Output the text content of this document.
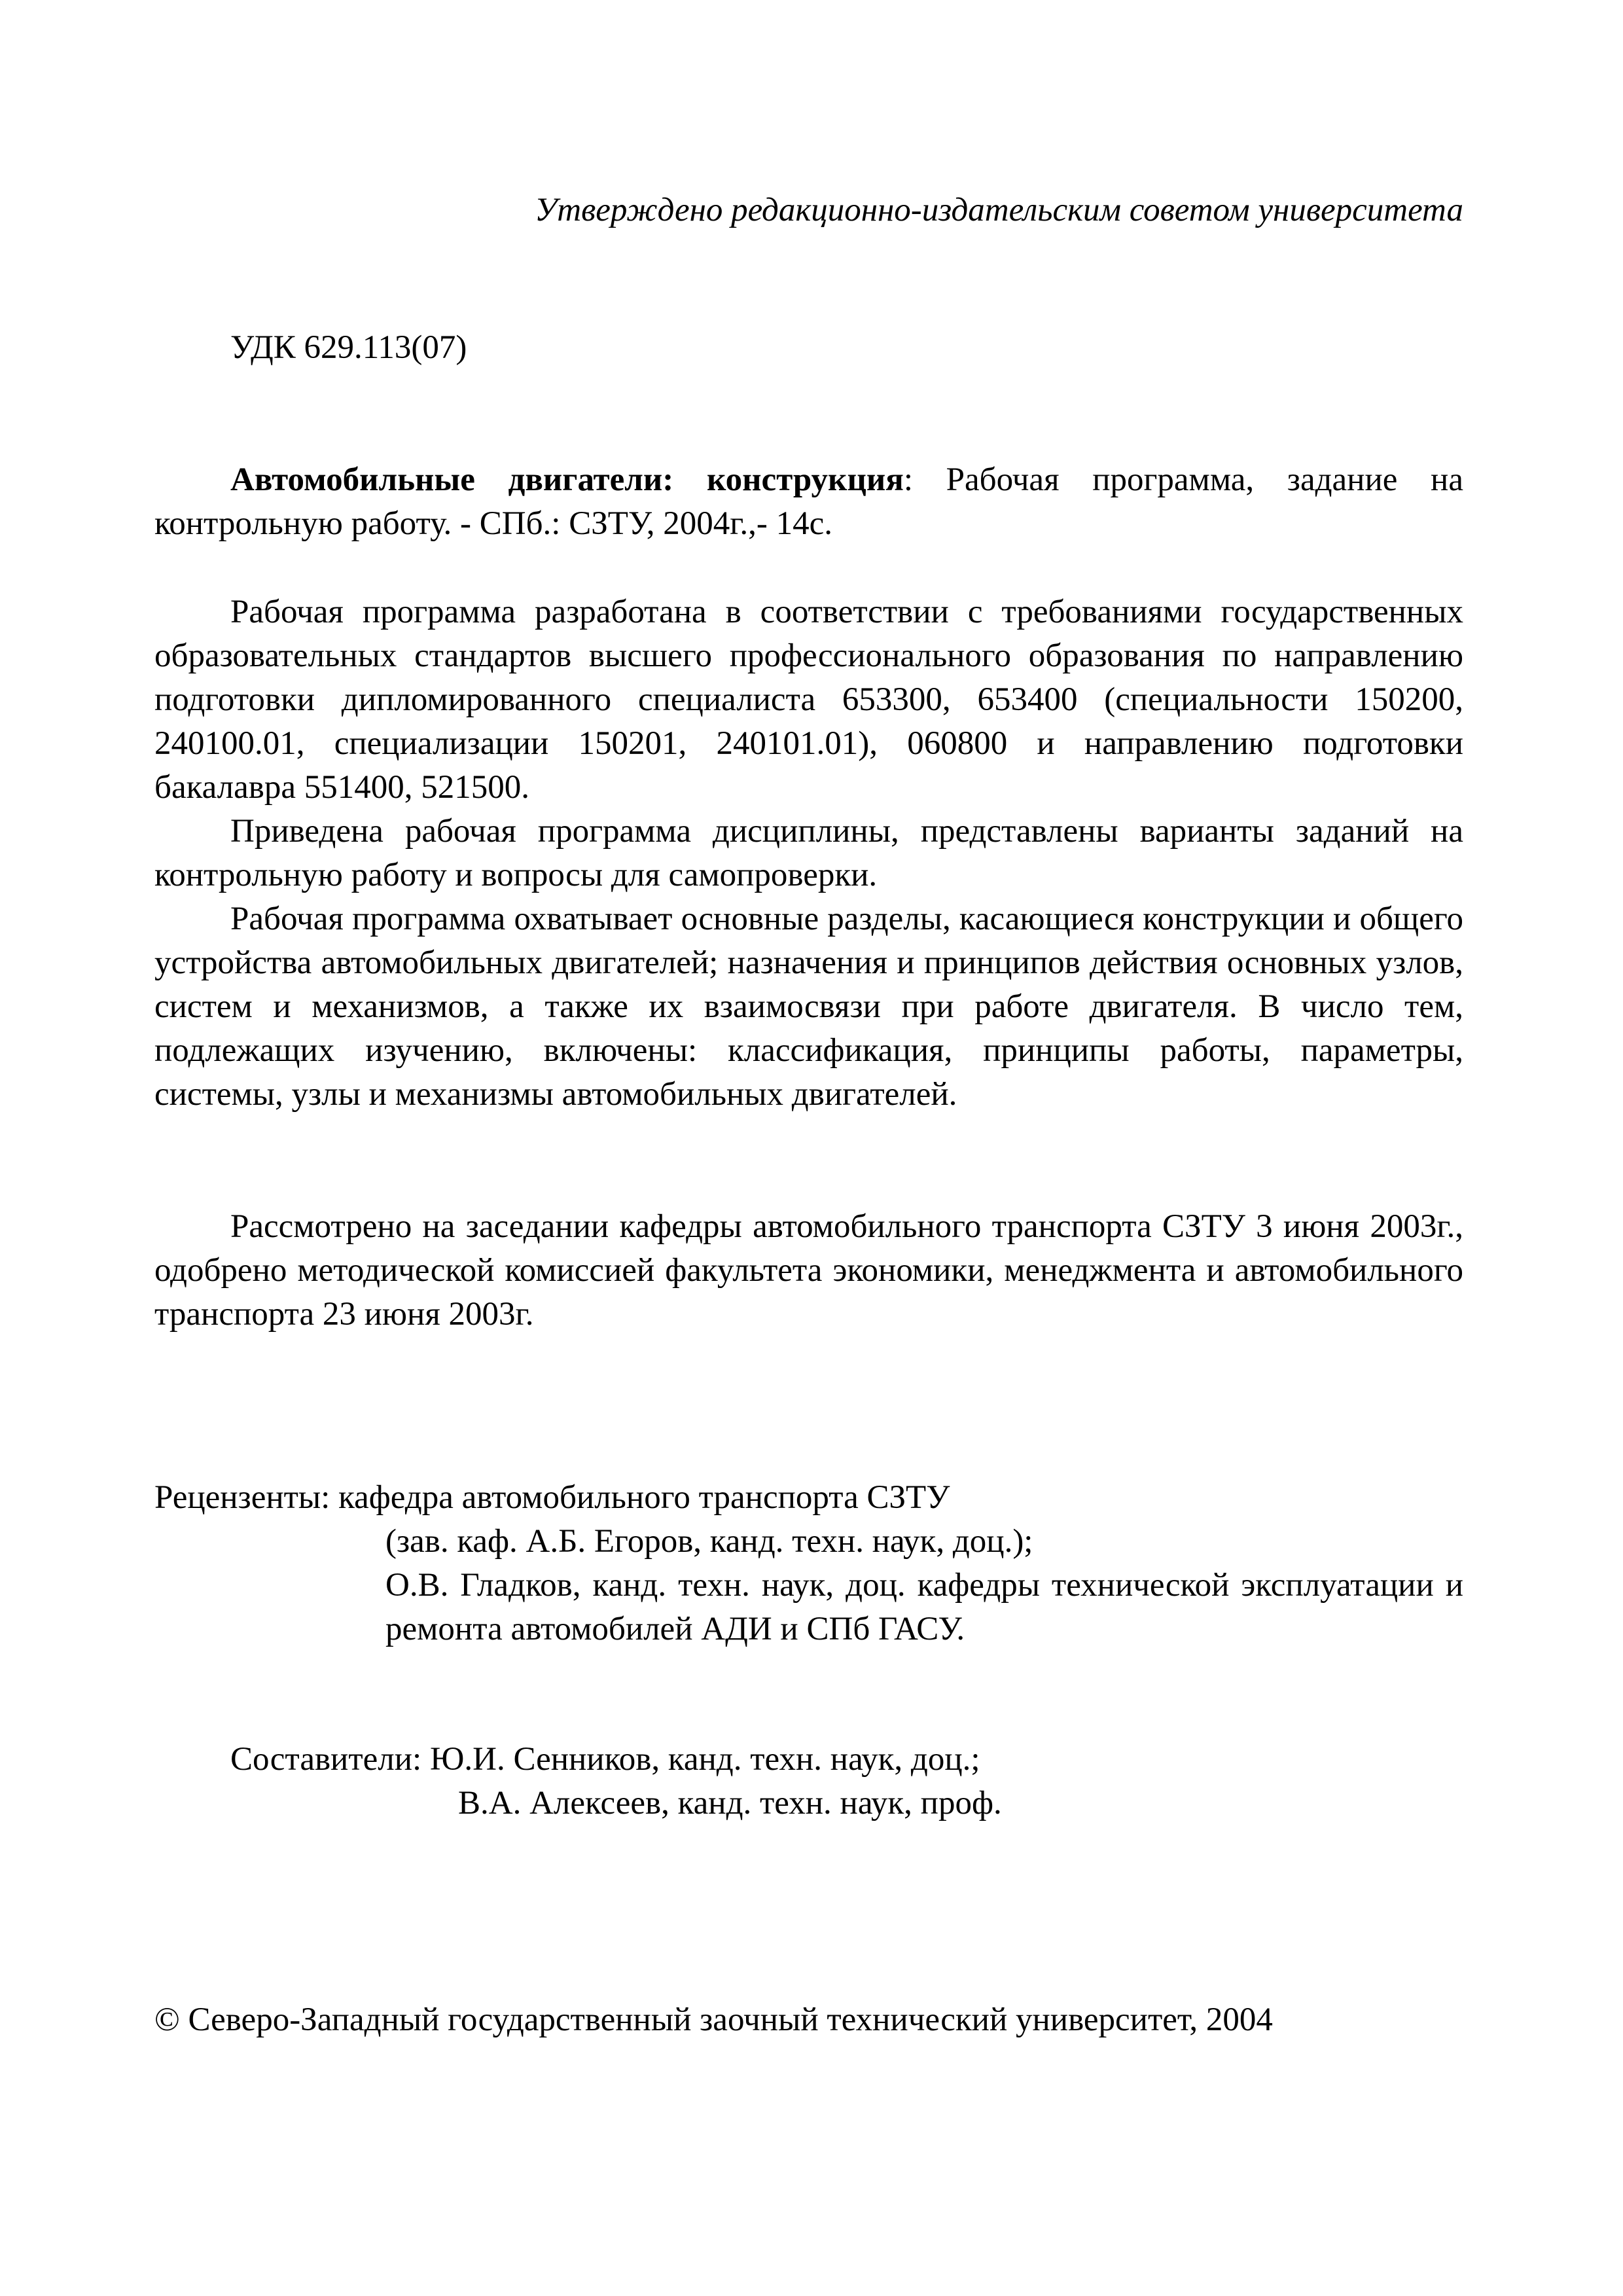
Утверждено редакционно-издательским советом университета
УДК 629.113(07)

Автомобильные двигатели: конструкция: Рабочая программа, задание на контрольную работу. - СПб.: СЗТУ, 2004г.,- 14с.

Рабочая программа разработана в соответствии с требованиями государственных образовательных стандартов высшего профессионального образования по направлению подготовки дипломированного специалиста 653300, 653400 (специальности 150200, 240100.01, специализации 150201, 240101.01), 060800 и направлению подготовки бакалавра 551400, 521500.

Приведена рабочая программа дисциплины, представлены варианты заданий на контрольную работу и вопросы для самопроверки.

Рабочая программа охватывает основные разделы, касающиеся конструкции и общего устройства автомобильных двигателей; назначения и принципов действия основных узлов, систем и механизмов, а также их взаимосвязи при работе двигателя. В число тем, подлежащих изучению, включены: классификация, принципы работы, параметры, системы, узлы и механизмы автомобильных двигателей.

Рассмотрено на заседании кафедры автомобильного транспорта СЗТУ 3 июня 2003г., одобрено методической комиссией факультета экономики, менеджмента и автомобильного транспорта 23 июня 2003г.

Рецензенты: кафедра автомобильного транспорта СЗТУ
(зав. каф. А.Б. Егоров, канд. техн. наук, доц.);
О.В. Гладков, канд. техн. наук, доц. кафедры технической эксплуатации и ремонта автомобилей АДИ и СПб ГАСУ.
Составители: Ю.И. Сенников, канд. техн. наук, доц.;
В.А. Алексеев, канд. техн. наук, проф.
© Северо-Западный государственный заочный технический университет, 2004
